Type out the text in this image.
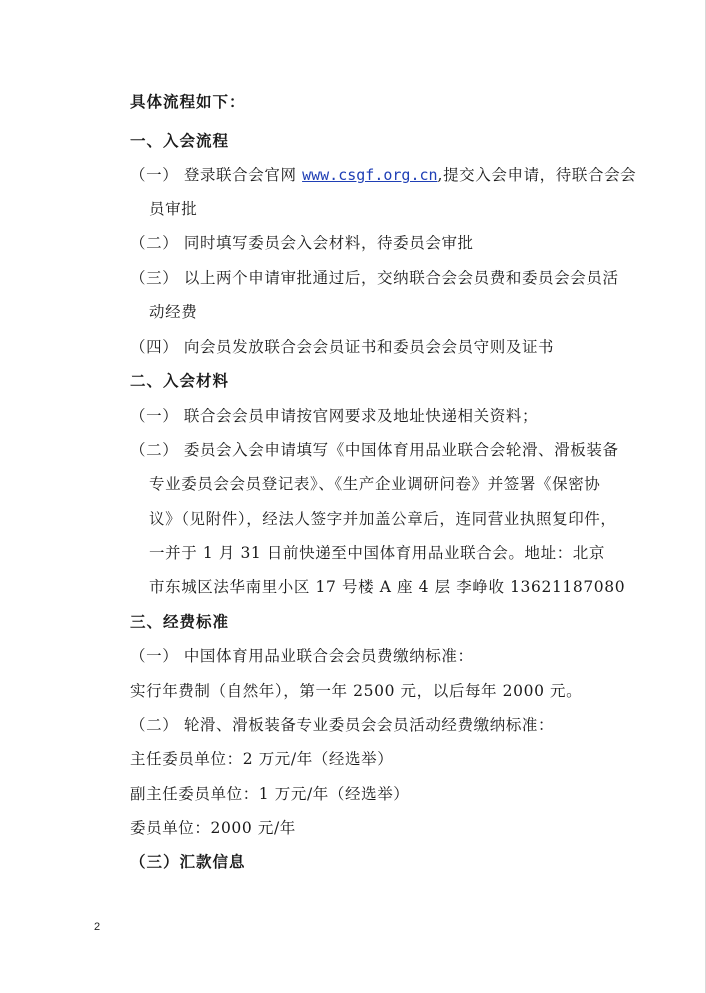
具体流程如下：
一、入会流程
（一） 登录联合会官网 www.csgf.org.cn,提交入会申请，待联合会会
员审批
（二） 同时填写委员会入会材料，待委员会审批
（三） 以上两个申请审批通过后，交纳联合会会员费和委员会会员活
动经费
（四） 向会员发放联合会会员证书和委员会会员守则及证书
二、入会材料
（一） 联合会会员申请按官网要求及地址快递相关资料；
（二） 委员会入会申请填写《中国体育用品业联合会轮滑、滑板装备
专业委员会会员登记表》、《生产企业调研问卷》并签署《保密协
议》（见附件），经法人签字并加盖公章后，连同营业执照复印件，
一并于 1 月 31 日前快递至中国体育用品业联合会。地址：北京
市东城区法华南里小区 17 号楼 A 座 4 层 李峥收 13621187080
三、经费标准
（一） 中国体育用品业联合会会员费缴纳标准：
实行年费制（自然年），第一年 2500 元，以后每年 2000 元。
（二） 轮滑、滑板装备专业委员会会员活动经费缴纳标准：
主任委员单位：2 万元/年（经选举）
副主任委员单位：1 万元/年（经选举）
委员单位：2000 元/年
（三）汇款信息
2
